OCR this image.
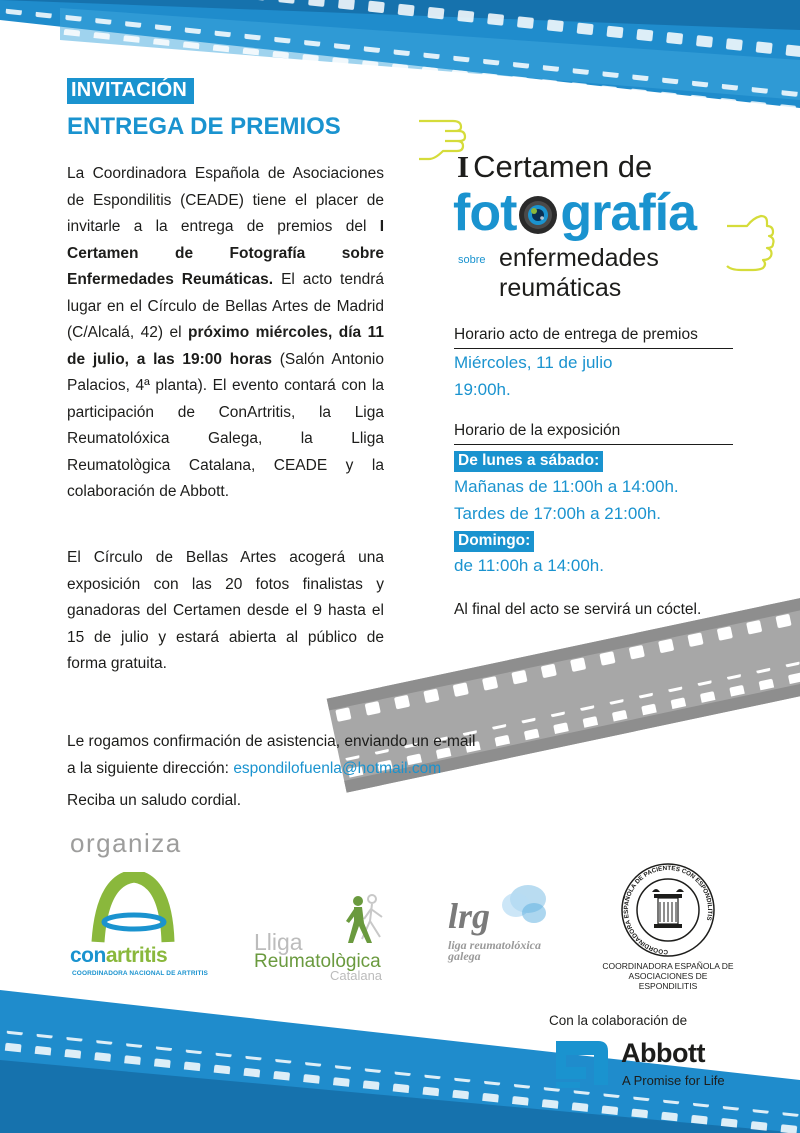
INVITACIÓN
ENTREGA DE PREMIOS

La Coordinadora Española de Asociaciones de Espondilitis (CEADE) tiene el placer de invitarle a la entrega de premios del I Certamen de Fotografía sobre Enfermedades Reumáticas. El acto tendrá lugar en el Círculo de Bellas Artes de Madrid (C/Alcalá, 42) el próximo miércoles, día 11 de julio, a las 19:00 horas (Salón Antonio Palacios, 4ª planta). El evento contará con la participación de ConArtritis, la Liga Reumatolóxica Galega, la Lliga Reumatològica Catalana, CEADE y la colaboración de Abbott.

El Círculo de Bellas Artes acogerá una exposición con las 20 fotos finalistas y ganadoras del Certamen desde el 9 hasta el 15 de julio y estará abierta al público de forma gratuita.

I Certamen de
fot grafía
sobre enfermedades
reumáticas
Horario acto de entrega de premios
Miércoles, 11 de julio
19:00h.
Horario de la exposición
De lunes a sábado:
Mañanas de 11:00h a 14:00h.
Tardes de 17:00h a 21:00h.
Domingo:
de 11:00h a 14:00h.
Al final del acto se servirá un cóctel.
Le rogamos confirmación de asistencia, enviando un e-mail
a la siguiente dirección: espondilofuenla@hotmail.com
Reciba un saludo cordial.
organiza
conartritis
COORDINADORA NACIONAL DE ARTRITIS
Lliga
Reumatològica
Catalana
lrg
liga reumatolóxica galega	COORDINADORA ESPAÑOLA DE PACIENTES CON ESPONDILITIS
COORDINADORA ESPAÑOLA DE ASOCIACIONES DE ESPONDILITIS
Con la colaboración de
Abbott
A Promise for Life
